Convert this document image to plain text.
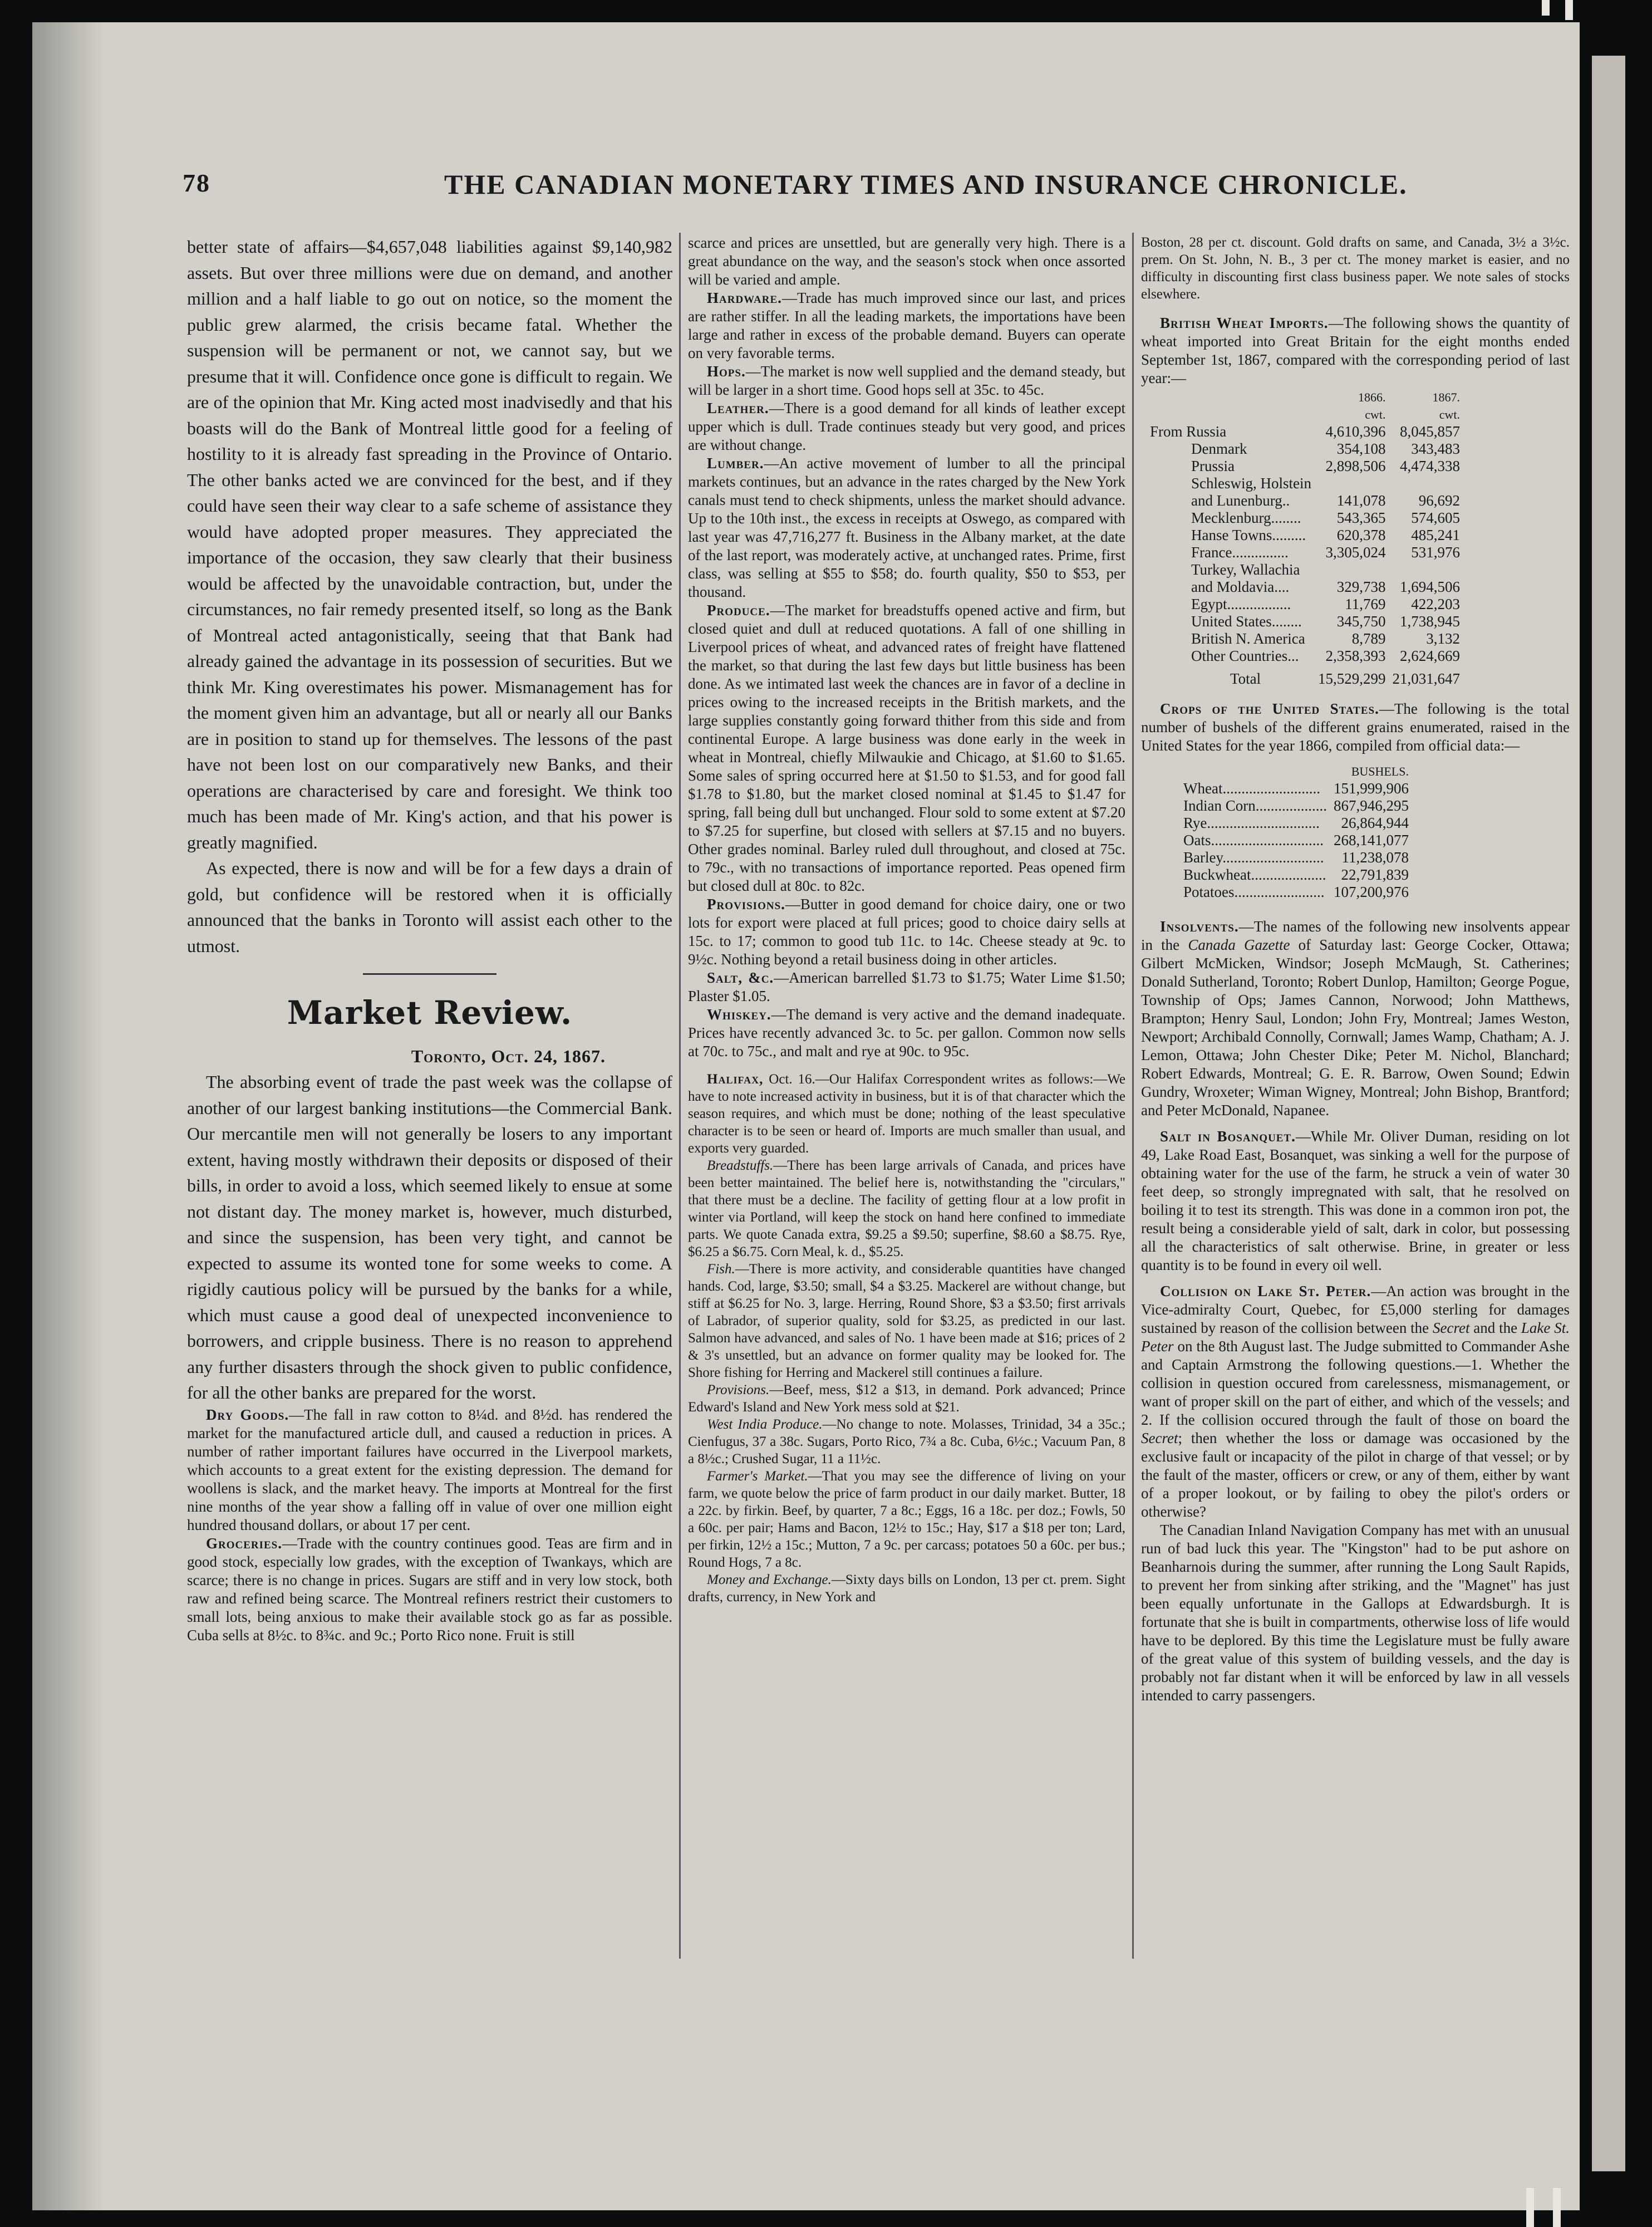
78	THE CANADIAN MONETARY TIMES AND INSURANCE CHRONICLE.

better state of affairs—$4,657,048 liabilities against $9,140,982 assets. But over three millions were due on demand, and another million and a half liable to go out on notice, so the moment the public grew alarmed, the crisis became fatal. Whether the suspension will be permanent or not, we cannot say, but we presume that it will. Confidence once gone is difficult to regain. We are of the opinion that Mr. King acted most inadvisedly and that his boasts will do the Bank of Montreal little good for a feeling of hostility to it is already fast spreading in the Province of Ontario. The other banks acted we are convinced for the best, and if they could have seen their way clear to a safe scheme of assistance they would have adopted proper measures. They appreciated the importance of the occasion, they saw clearly that their business would be affected by the unavoidable contraction, but, under the circumstances, no fair remedy presented itself, so long as the Bank of Montreal acted antagonistically, seeing that that Bank had already gained the advantage in its possession of securities. But we think Mr. King overestimates his power. Mismanagement has for the moment given him an advantage, but all or nearly all our Banks are in position to stand up for themselves. The lessons of the past have not been lost on our comparatively new Banks, and their operations are characterised by care and foresight. We think too much has been made of Mr. King's action, and that his power is greatly magnified.

As expected, there is now and will be for a few days a drain of gold, but confidence will be restored when it is officially announced that the banks in Toronto will assist each other to the utmost.

Market Review.
Toronto, Oct. 24, 1867.

The absorbing event of trade the past week was the collapse of another of our largest banking institutions—the Commercial Bank. Our mercantile men will not generally be losers to any important extent, having mostly withdrawn their deposits or disposed of their bills, in order to avoid a loss, which seemed likely to ensue at some not distant day. The money market is, however, much disturbed, and since the suspension, has been very tight, and cannot be expected to assume its wonted tone for some weeks to come. A rigidly cautious policy will be pursued by the banks for a while, which must cause a good deal of unexpected inconvenience to borrowers, and cripple business. There is no reason to apprehend any further disasters through the shock given to public confidence, for all the other banks are prepared for the worst.

Dry Goods.—The fall in raw cotton to 8¼d. and 8½d. has rendered the market for the manufactured article dull, and caused a reduction in prices. A number of rather important failures have occurred in the Liverpool markets, which accounts to a great extent for the existing depression. The demand for woollens is slack, and the market heavy. The imports at Montreal for the first nine months of the year show a falling off in value of over one million eight hundred thousand dollars, or about 17 per cent.

Groceries.—Trade with the country continues good. Teas are firm and in good stock, especially low grades, with the exception of Twankays, which are scarce; there is no change in prices. Sugars are stiff and in very low stock, both raw and refined being scarce. The Montreal refiners restrict their customers to small lots, being anxious to make their available stock go as far as possible. Cuba sells at 8½c. to 8¾c. and 9c.; Porto Rico none. Fruit is still

scarce and prices are unsettled, but are generally very high. There is a great abundance on the way, and the season's stock when once assorted will be varied and ample.

Hardware.—Trade has much improved since our last, and prices are rather stiffer. In all the leading markets, the importations have been large and rather in excess of the probable demand. Buyers can operate on very favorable terms.

Hops.—The market is now well supplied and the demand steady, but will be larger in a short time. Good hops sell at 35c. to 45c.

Leather.—There is a good demand for all kinds of leather except upper which is dull. Trade continues steady but very good, and prices are without change.

Lumber.—An active movement of lumber to all the principal markets continues, but an advance in the rates charged by the New York canals must tend to check shipments, unless the market should advance. Up to the 10th inst., the excess in receipts at Oswego, as compared with last year was 47,716,277 ft. Business in the Albany market, at the date of the last report, was moderately active, at unchanged rates. Prime, first class, was selling at $55 to $58; do. fourth quality, $50 to $53, per thousand.

Produce.—The market for breadstuffs opened active and firm, but closed quiet and dull at reduced quotations. A fall of one shilling in Liverpool prices of wheat, and advanced rates of freight have flattened the market, so that during the last few days but little business has been done. As we intimated last week the chances are in favor of a decline in prices owing to the increased receipts in the British markets, and the large supplies constantly going forward thither from this side and from continental Europe. A large business was done early in the week in wheat in Montreal, chiefly Milwaukie and Chicago, at $1.60 to $1.65. Some sales of spring occurred here at $1.50 to $1.53, and for good fall $1.78 to $1.80, but the market closed nominal at $1.45 to $1.47 for spring, fall being dull but unchanged. Flour sold to some extent at $7.20 to $7.25 for superfine, but closed with sellers at $7.15 and no buyers. Other grades nominal. Barley ruled dull throughout, and closed at 75c. to 79c., with no transactions of importance reported. Peas opened firm but closed dull at 80c. to 82c.

Provisions.—Butter in good demand for choice dairy, one or two lots for export were placed at full prices; good to choice dairy sells at 15c. to 17; common to good tub 11c. to 14c. Cheese steady at 9c. to 9½c. Nothing beyond a retail business doing in other articles.

Salt, &c.—American barrelled $1.73 to $1.75; Water Lime $1.50; Plaster $1.05.

Whiskey.—The demand is very active and the demand inadequate. Prices have recently advanced 3c. to 5c. per gallon. Common now sells at 70c. to 75c., and malt and rye at 90c. to 95c.

Halifax, Oct. 16.—Our Halifax Correspondent writes as follows:—We have to note increased activity in business, but it is of that character which the season requires, and which must be done; nothing of the least speculative character is to be seen or heard of. Imports are much smaller than usual, and exports very guarded.

Breadstuffs.—There has been large arrivals of Canada, and prices have been better maintained. The belief here is, notwithstanding the "circulars," that there must be a decline. The facility of getting flour at a low profit in winter via Portland, will keep the stock on hand here confined to immediate parts. We quote Canada extra, $9.25 a $9.50; superfine, $8.60 a $8.75. Rye, $6.25 a $6.75. Corn Meal, k. d., $5.25.

Fish.—There is more activity, and considerable quantities have changed hands. Cod, large, $3.50; small, $4 a $3.25. Mackerel are without change, but stiff at $6.25 for No. 3, large. Herring, Round Shore, $3 a $3.50; first arrivals of Labrador, of superior quality, sold for $3.25, as predicted in our last. Salmon have advanced, and sales of No. 1 have been made at $16; prices of 2 & 3's unsettled, but an advance on former quality may be looked for. The Shore fishing for Herring and Mackerel still continues a failure.

Provisions.—Beef, mess, $12 a $13, in demand. Pork advanced; Prince Edward's Island and New York mess sold at $21.

West India Produce.—No change to note. Molasses, Trinidad, 34 a 35c.; Cienfugus, 37 a 38c. Sugars, Porto Rico, 7¾ a 8c. Cuba, 6½c.; Vacuum Pan, 8 a 8½c.; Crushed Sugar, 11 a 11½c.

Farmer's Market.—That you may see the difference of living on your farm, we quote below the price of farm product in our daily market. Butter, 18 a 22c. by firkin. Beef, by quarter, 7 a 8c.; Eggs, 16 a 18c. per doz.; Fowls, 50 a 60c. per pair; Hams and Bacon, 12½ to 15c.; Hay, $17 a $18 per ton; Lard, per firkin, 12½ a 15c.; Mutton, 7 a 9c. per carcass; potatoes 50 a 60c. per bus.; Round Hogs, 7 a 8c.

Money and Exchange.—Sixty days bills on London, 13 per ct. prem. Sight drafts, currency, in New York and

Boston, 28 per ct. discount. Gold drafts on same, and Canada, 3½ a 3½c. prem. On St. John, N. B., 3 per ct. The money market is easier, and no difficulty in discounting first class business paper. We note sales of stocks elsewhere.

British Wheat Imports.—The following shows the quantity of wheat imported into Great Britain for the eight months ended September 1st, 1867, compared with the corresponding period of last year:—

	1866.	1867.
	cwt.	cwt.
From Russia	4,610,396	8,045,857
Denmark	354,108	343,483
Prussia	2,898,506	4,474,338
Schleswig, Holstein		
and Lunenburg..	141,078	96,692
Mecklenburg........	543,365	574,605
Hanse Towns.........	620,378	485,241
France...............	3,305,024	531,976
Turkey, Wallachia		
and Moldavia....	329,738	1,694,506
Egypt.................	11,769	422,203
United States........	345,750	1,738,945
British N. America	8,789	3,132
Other Countries...	2,358,393	2,624,669
Total	15,529,299	21,031,647

Crops of the United States.—The following is the total number of bushels of the different grains enumerated, raised in the United States for the year 1866, compiled from official data:—

	BUSHELS.
Wheat..........................	151,999,906
Indian Corn...................	867,946,295
Rye..............................	26,864,944
Oats..............................	268,141,077
Barley...........................	11,238,078
Buckwheat....................	22,791,839
Potatoes........................	107,200,976

Insolvents.—The names of the following new insolvents appear in the Canada Gazette of Saturday last: George Cocker, Ottawa; Gilbert McMicken, Windsor; Joseph McMaugh, St. Catherines; Donald Sutherland, Toronto; Robert Dunlop, Hamilton; George Pogue, Township of Ops; James Cannon, Norwood; John Matthews, Brampton; Henry Saul, London; John Fry, Montreal; James Weston, Newport; Archibald Connolly, Cornwall; James Wamp, Chatham; A. J. Lemon, Ottawa; John Chester Dike; Peter M. Nichol, Blanchard; Robert Edwards, Montreal; G. E. R. Barrow, Owen Sound; Edwin Gundry, Wroxeter; Wiman Wigney, Montreal; John Bishop, Brantford; and Peter McDonald, Napanee.

Salt in Bosanquet.—While Mr. Oliver Duman, residing on lot 49, Lake Road East, Bosanquet, was sinking a well for the purpose of obtaining water for the use of the farm, he struck a vein of water 30 feet deep, so strongly impregnated with salt, that he resolved on boiling it to test its strength. This was done in a common iron pot, the result being a considerable yield of salt, dark in color, but possessing all the characteristics of salt otherwise. Brine, in greater or less quantity is to be found in every oil well.

Collision on Lake St. Peter.—An action was brought in the Vice-admiralty Court, Quebec, for £5,000 sterling for damages sustained by reason of the collision between the Secret and the Lake St. Peter on the 8th August last. The Judge submitted to Commander Ashe and Captain Armstrong the following questions.—1. Whether the collision in question occured from carelessness, mismanagement, or want of proper skill on the part of either, and which of the vessels; and 2. If the collision occured through the fault of those on board the Secret; then whether the loss or damage was occasioned by the exclusive fault or incapacity of the pilot in charge of that vessel; or by the fault of the master, officers or crew, or any of them, either by want of a proper lookout, or by failing to obey the pilot's orders or otherwise?

The Canadian Inland Navigation Company has met with an unusual run of bad luck this year. The "Kingston" had to be put ashore on Beanharnois during the summer, after running the Long Sault Rapids, to prevent her from sinking after striking, and the "Magnet" has just been equally unfortunate in the Gallops at Edwardsburgh. It is fortunate that she is built in compartments, otherwise loss of life would have to be deplored. By this time the Legislature must be fully aware of the great value of this system of building vessels, and the day is probably not far distant when it will be enforced by law in all vessels intended to carry passengers.
